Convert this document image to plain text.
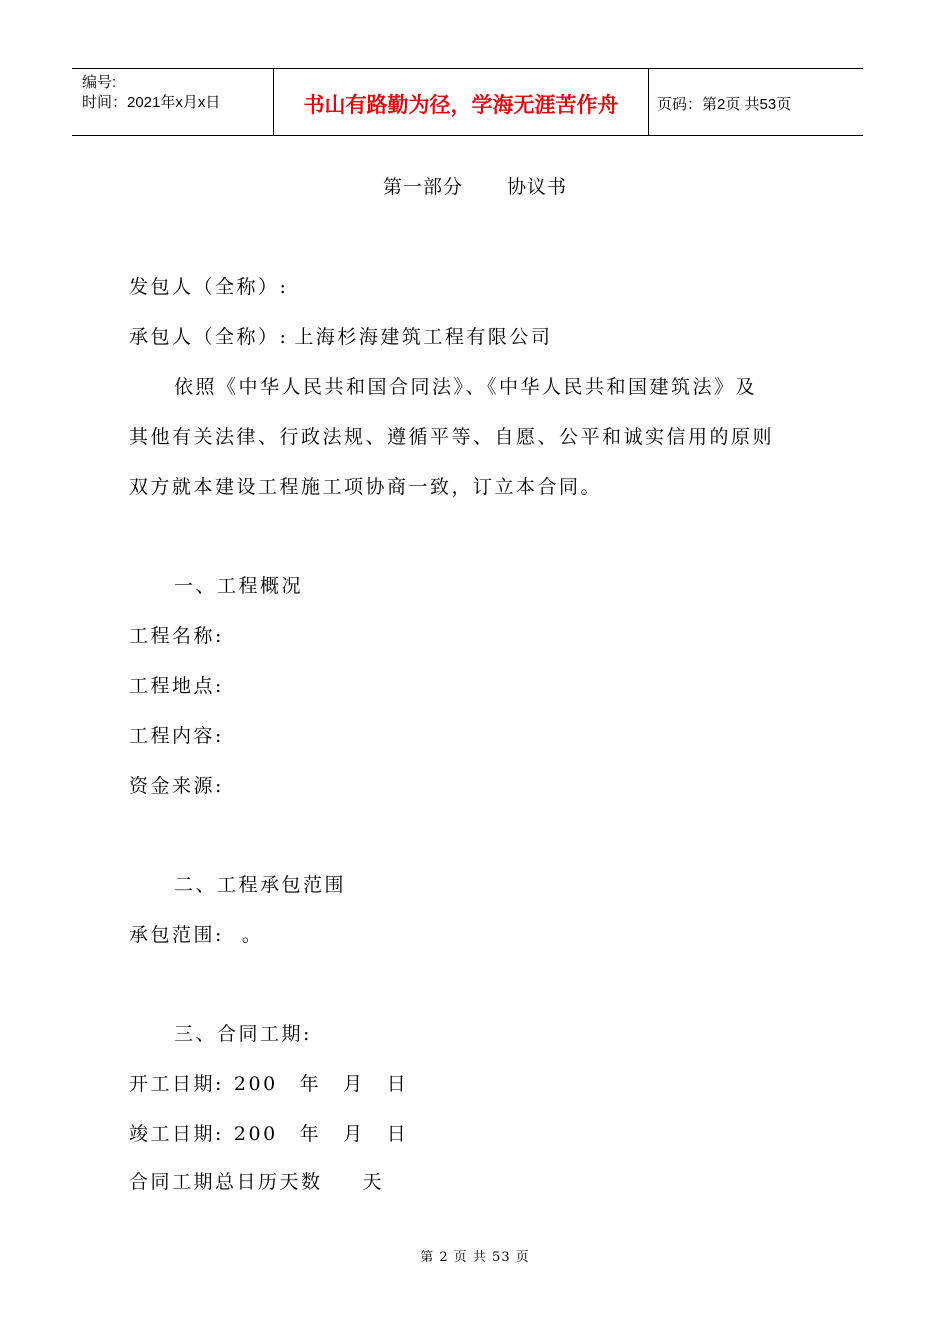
编号:
时间：2021年x月x日	书山有路勤为径，学海无涯苦作舟	页码：第2页 共53页
第一部分 协议书
发包人（全称）:
承包人（全称）: 上海杉海建筑工程有限公司
依照《中华人民共和国合同法》、《中华人民共和国建筑法》及
其他有关法律、行政法规、遵循平等、自愿、公平和诚实信用的原则
双方就本建设工程施工项协商一致，订立本合同。
一、工程概况
工程名称:
工程地点:
工程内容:
资金来源:
二、工程承包范围
承包范围: 。
三、合同工期:
开工日期: 200 年 月 日
竣工日期: 200 年 月 日
合同工期总日历天数 天
第 2 页 共 53 页
